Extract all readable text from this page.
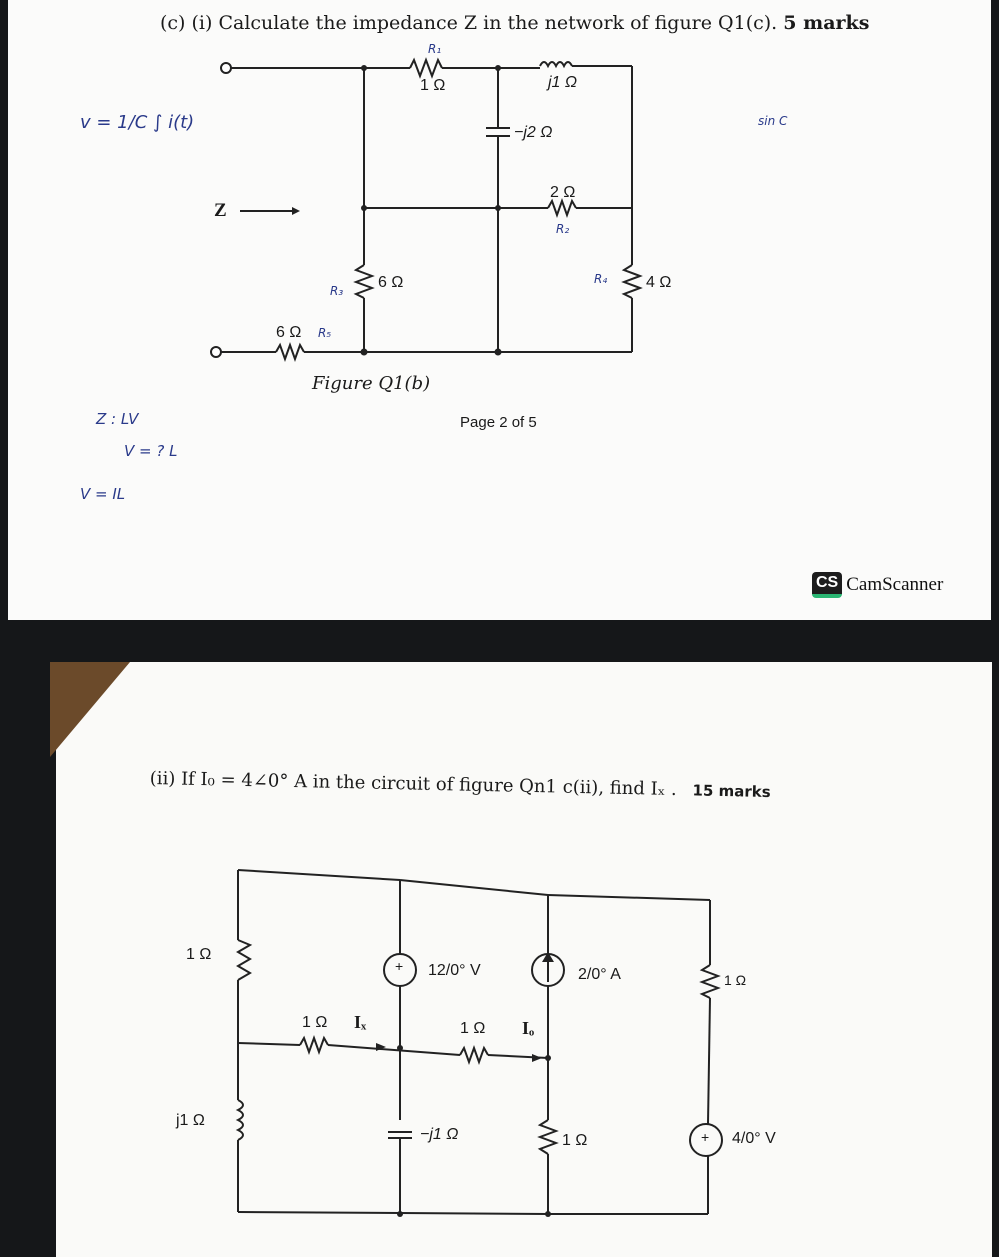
(c) (i) Calculate the impedance Z in the network of figure Q1(c). 5 marks
Figure Q1(b)
Page 2 of 5
1 Ω	j1 Ω
−j2 Ω
2 Ω
6 Ω	4 Ω
6 Ω
Z
v = 1/C ∫ i(t)
Z : LV
V = ? L
V = IL
sin C
R₁
R₂
R₃
R₄
R₅
CS CamScanner
(ii) If I₀ = 4∠0° A in the circuit of figure Qn1 c(ii), find Iₓ . 15 marks
1 Ω
j1 Ω
+ 12/0° V	2/0° A	1 Ω
1 Ω Iₓ	1 Ω Iₒ
−j1 Ω	1 Ω	+ 4/0° V
